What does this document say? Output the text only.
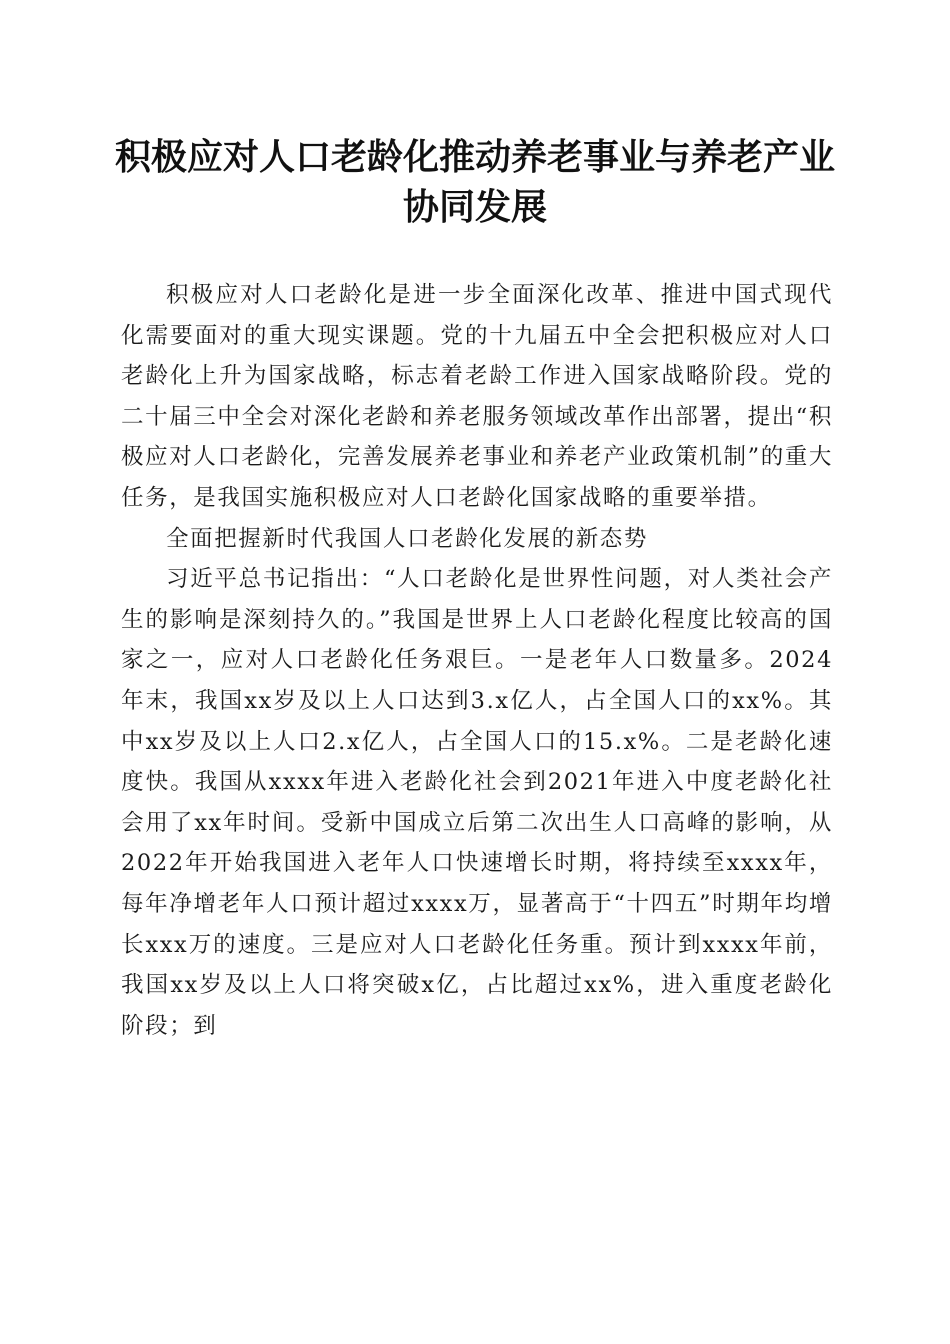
积极应对人口老龄化推动养老事业与养老产业
协同发展

积极应对人口老龄化是进一步全面深化改革、推进中国式现代化需要面对的重大现实课题。党的十九届五中全会把积极应对人口老龄化上升为国家战略，标志着老龄工作进入国家战略阶段。党的二十届三中全会对深化老龄和养老服务领域改革作出部署，提出“积极应对人口老龄化，完善发展养老事业和养老产业政策机制”的重大任务，是我国实施积极应对人口老龄化国家战略的重要举措。

全面把握新时代我国人口老龄化发展的新态势

习近平总书记指出：“人口老龄化是世界性问题，对人类社会产生的影响是深刻持久的。”我国是世界上人口老龄化程度比较高的国家之一，应对人口老龄化任务艰巨。一是老年人口数量多。2024年末，我国xx岁及以上人口达到3.x亿人，占全国人口的xx%。其中xx岁及以上人口2.x亿人，占全国人口的15.x%。二是老龄化速度快。我国从xxxx年进入老龄化社会到2021年进入中度老龄化社会用了xx年时间。受新中国成立后第二次出生人口高峰的影响，从2022年开始我国进入老年人口快速增长时期，将持续至xxxx年，每年净增老年人口预计超过xxxx万，显著高于“十四五”时期年均增长xxx万的速度。三是应对人口老龄化任务重。预计到xxxx年前，我国xx岁及以上人口将突破x亿，占比超过xx%，进入重度老龄化阶段；到
